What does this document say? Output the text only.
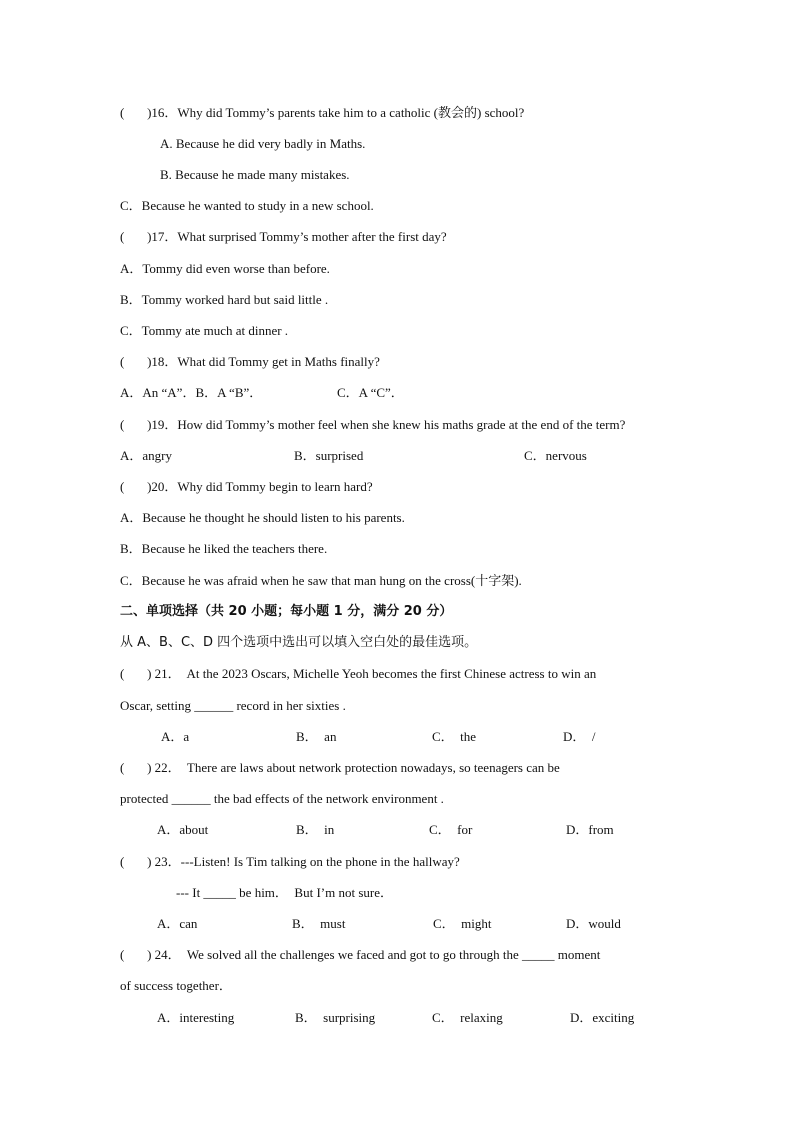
(       )16．Why did Tommy’s parents take him to a catholic (教会的) school?
A. Because he did very badly in Maths.
B. Because he made many mistakes.
C．Because he wanted to study in a new school.
(       )17．What surprised Tommy’s mother after the first day?
A．Tommy did even worse than before.
B．Tommy worked hard but said little .
C．Tommy ate much at dinner .
(       )18．What did Tommy get in Maths finally?
A．An “A”．B．A “B”．	C．A “C”．
(       )19．How did Tommy’s mother feel when she knew his maths grade at the end of the term?
A．angry	B．surprised	C．nervous
(       )20．Why did Tommy begin to learn hard?
A．Because he thought he should listen to his parents.
B．Because he liked the teachers there.
C．Because he was afraid when he saw that man hung on the cross(十字架).
二、单项选择（共 20 小题；每小题 1 分，满分 20 分）
从 A、B、C、D 四个选项中选出可以填入空白处的最佳选项。
(       ) 21．  At the 2023 Oscars, Michelle Yeoh becomes the first Chinese actress to win an
Oscar, setting ______ record in her sixties .
A．a	B．  an	C．  the	D．  /
(       ) 22．  There are laws about network protection nowadays, so teenagers can be
protected ______ the bad effects of the network environment .
A．about	B．  in	C．  for	D．from
(       ) 23．---Listen! Is Tim talking on the phone in the hallway?
--- It _____ be him．  But I’m not sure．
A．can	B．  must	C．  might	D．would
(       ) 24．  We solved all the challenges we faced and got to go through the _____ moment
of success together．
A．interesting	B．  surprising	C．  relaxing	D．exciting
